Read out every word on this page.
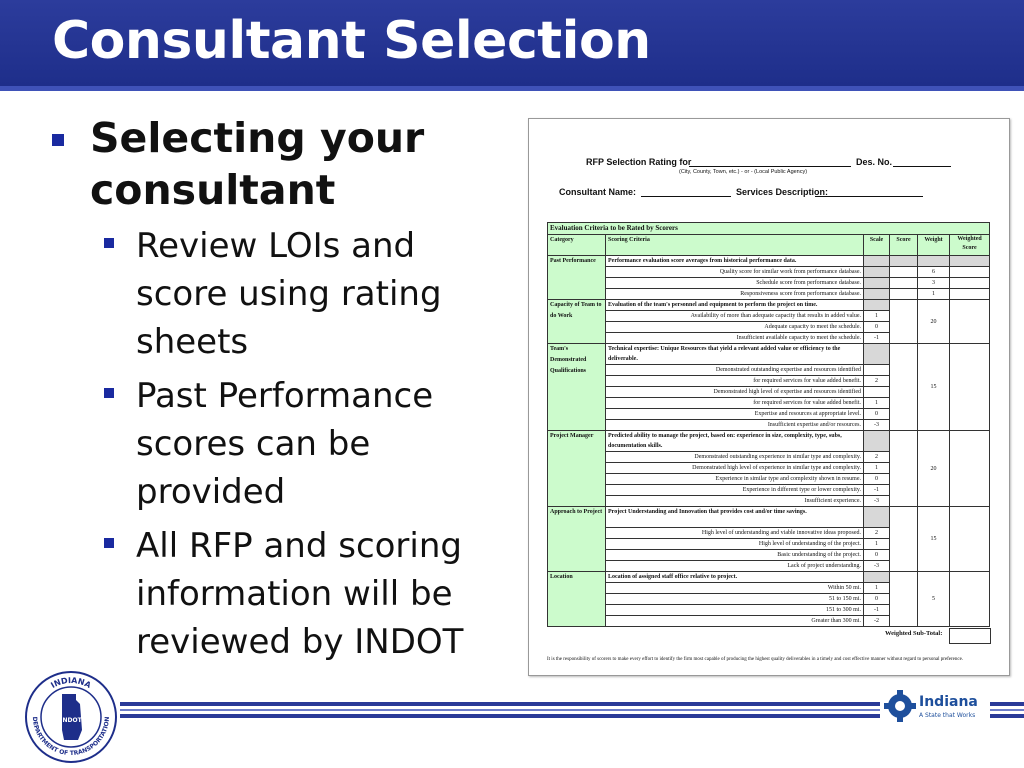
Consultant Selection
Selecting your consultant
Review LOIs and score using rating sheets
Past Performance scores can be provided
All RFP and scoring information will be reviewed by INDOT
RFP Selection Rating for	Des. No.
(City, County, Town, etc.) - or - (Local Public Agency)
Consultant Name:	Services Description:
Evaluation Criteria to be Rated by Scorers					
Category	Scoring Criteria	Scale	Score	Weight	Weighted Score
Past Performance	Performance evaluation score averages from historical performance data.				
	Quality score for similar work from performance database.			6	
	Schedule score from performance database.			3	
	Responsiveness score from performance database.			1	
Capacity of Team to do Work	Evaluation of the team's personnel and equipment to perform the project on time.			20	
	Availability of more than adequate capacity that results in added value.	1			
	Adequate capacity to meet the schedule.	0			
	Insufficient available capacity to meet the schedule.	-1			
Team's Demonstrated Qualifications	Technical expertise: Unique Resources that yield a relevant added value or efficiency to the deliverable.			15	
	Demonstrated outstanding expertise and resources identified				
	for required services for value added benefit.	2			
	Demonstrated high level of expertise and resources identified				
	for required services for value added benefit.	1			
	Expertise and resources at appropriate level.	0			
	Insufficient expertise and/or resources.	-3			
Project Manager	Predicted ability to manage the project, based on: experience in size, complexity, type, subs, documentation skills.			20	
	Demonstrated outstanding experience in similar type and complexity.	2			
	Demonstrated high level of experience in similar type and complexity.	1			
	Experience in similar type and complexity shown in resume.	0			
	Experience in different type or lower complexity.	-1			
	Insufficient experience.	-3			
Approach to Project	Project Understanding and Innovation that provides cost and/or time savings.			15	
	High level of understanding and viable innovative ideas proposed.	2			
	High level of understanding of the project.	1			
	Basic understanding of the project.	0			
	Lack of project understanding.	-3			
Location	Location of assigned staff office relative to project.			5	
	Within 50 mi.	1			
	51 to 150 mi.	0			
	151 to 300 mi.	-1			
	Greater than 300 mi.	-2			
Weighted Sub-Total:
It is the responsibility of scorers to make every effort to identify the firm most capable of producing the highest quality deliverables in a timely and cost effective manner without regard to personal preference.
INDIANA
DEPARTMENT OF TRANSPORTATION
INDOT
Indiana
A State that Works
